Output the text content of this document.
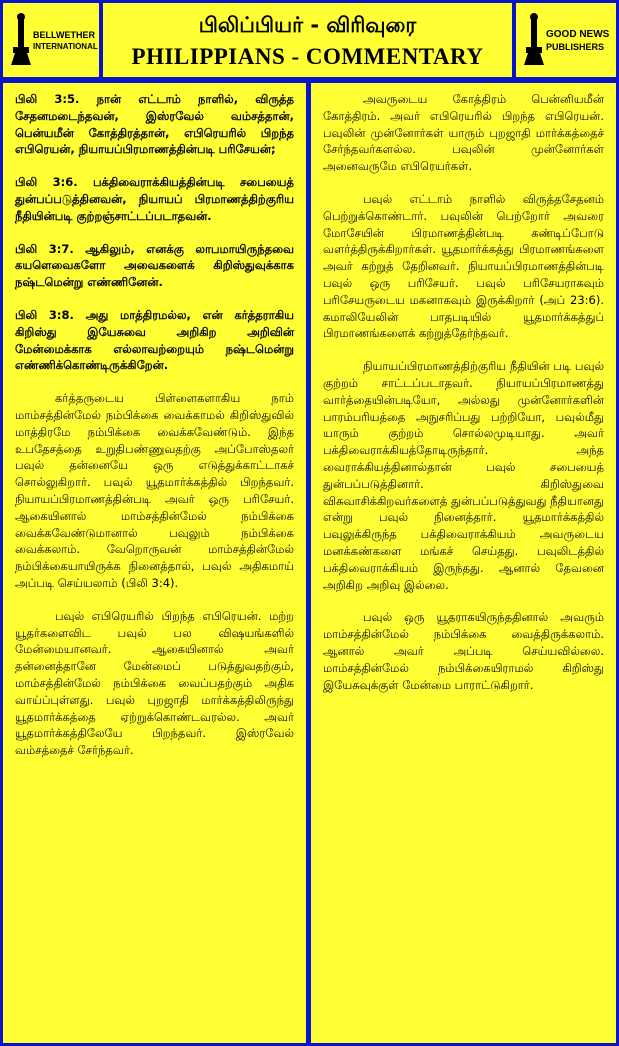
BELLWETHER
INTERNATIONAL
பிலிப்பியர் - விரிவுரை
PHILIPPIANS - COMMENTARY
GOOD NEWS
PUBLISHERS

பிலி 3:5. நான் எட்டாம் நாளில், விருத்த சேதனமடைந்தவன், இஸ்ரவேல் வம்சத்தான், பென்யமீன் கோத்திரத்தான், எபிரெயரில் பிறந்த எபிரெயன், நியாயப்பிரமாணத்தின்படி பரிசேயன்;

பிலி 3:6. பக்திவைராக்கியத்தின்படி சபையைத் துன்பப்படுத்தினவன், நியாயப் பிரமாணத்திற்குரிய நீதியின்படி குற்றஞ்சாட்டப்படாதவன்.

பிலி 3:7. ஆகிலும், எனக்கு லாபமாயிருந்தவை கயளெவைகளோ அவைகளைக் கிறிஸ்துவுக்காக நஷ்டமென்று எண்ணினேன்.

பிலி 3:8. அது மாத்திரமல்ல, என் கர்த்தராகிய கிறிஸ்து இயேசுவை அறிகிற அறிவின் மேன்மைக்காக எல்லாவற்றையும் நஷ்டமென்று எண்ணிக்கொண்டிருக்கிறேன்.

கர்த்தருடைய பிள்ளைகளாகிய நாம் மாம்சத்தின்மேல் நம்பிக்கை வைக்காமல் கிறிஸ்துவில் மாத்திரமே நம்பிக்கை வைக்கவேண்டும். இந்த உபதேசத்தை உறுதிபண்ணுவதற்கு அப்போஸ்தலர் பவுல் தன்னையே ஒரு எடுத்துக்காட்டாகச் சொல்லுகிறார். பவுல் யூதமார்க்கத்தில் பிறந்தவர். நியாயப்பிரமாணத்தின்படி அவர் ஒரு பரிசேயர். ஆகையினால் மாம்சத்தின்மேல் நம்பிக்கை வைக்கவேண்டுமானால் பவுலும் நம்பிக்கை வைக்கலாம். வேறொருவன் மாம்சத்தின்மேல் நம்பிக்கையாயிருக்க நினைத்தால், பவுல் அதிகமாய் அப்படி செய்யலாம் (பிலி 3:4).

பவுல் எபிரெயரில் பிறந்த எபிரெயன். மற்ற யூதர்களைவிட பவுல் பல விஷயங்களில் மேன்மையானவர். ஆகையினால் அவர் தன்னைத்தானே மேன்மைப் படுத்துவதற்கும், மாம்சத்தின்மேல் நம்பிக்கை வைப்பதற்கும் அதிக வாய்ப்புள்ளது. பவுல் புறஜாதி மார்க்கத்திலிருந்து யூதமார்க்கத்தை ஏற்றுக்கொண்டவரல்ல. அவர் யூதமார்க்கத்திலேயே பிறந்தவர். இஸ்ரவேல் வம்சத்தைச் சேர்ந்தவர்.

அவருடைய கோத்திரம் பென்னியமீன் கோத்திரம். அவர் எபிரெயரில் பிறந்த எபிரெயன். பவுலின் முன்னோர்கள் யாரும் புறஜாதி மார்க்கத்தைச் சேர்ந்தவர்களல்ல. பவுலின் முன்னோர்கள் அனைவருமே எபிரெயர்கள்.

பவுல் எட்டாம் நாளில் விருத்தசேதனம் பெற்றுக்கொண்டார். பவுலின் பெற்றோர் அவரை மோசேயின் பிரமாணத்தின்படி கண்டிப்போடு வளர்த்திருக்கிறார்கள். யூதமார்க்கத்து பிரமாணங்களை அவர் கற்றுத் தேறினவர். நியாயப்பிரமாணத்தின்படி பவுல் ஒரு பரிசேயர். பவுல் பரிசேயராகவும் பரிசேயருடைய மகனாகவும் இருக்கிறார் (அப் 23:6). கமாலியேலின் பாதபடியில் யூதமார்க்கத்துப் பிரமாணங்களைக் கற்றுத்தேர்ந்தவர்.

நியாயப்பிரமாணத்திற்குரிய நீதியின் படி பவுல் குற்றம் சாட்டப்படாதவர். நியாயப்பிரமாணத்து வார்த்தையின்படியோ, அல்லது முன்னோர்களின் பாரம்பரியத்தை அநுசரிப்பது பற்றியோ, பவுல்மீது யாரும் குற்றம் சொல்லமுடியாது. அவர் பக்திவைராக்கியத்தோடிருந்தார். அந்த வைராக்கியத்தினால்தான் பவுல் சபையைத் துன்பப்படுத்தினார். கிறிஸ்துவை விசுவாசிக்கிறவர்களைத் துன்பப்படுத்துவது நீதியானது என்று பவுல் நினைத்தார். யூதமார்க்கத்தில் பவுலுக்கிருந்த பக்திவைராக்கியம் அவருடைய மனக்கண்களை மங்கச் செய்தது. பவுலிடத்தில் பக்திவைராக்கியம் இருந்தது. ஆனால் தேவனை அறிகிற அறிவு இல்லை.

பவுல் ஒரு யூதராகயிருந்ததினால் அவரும் மாம்சத்தின்மேல் நம்பிக்கை வைத்திருக்கலாம். ஆனால் அவர் அப்படி செய்யவில்லை. மாம்சத்தின்மேல் நம்பிக்கையிராமல் கிறிஸ்து இயேசுவுக்குள் மேன்மை பாராட்டுகிறார்.
